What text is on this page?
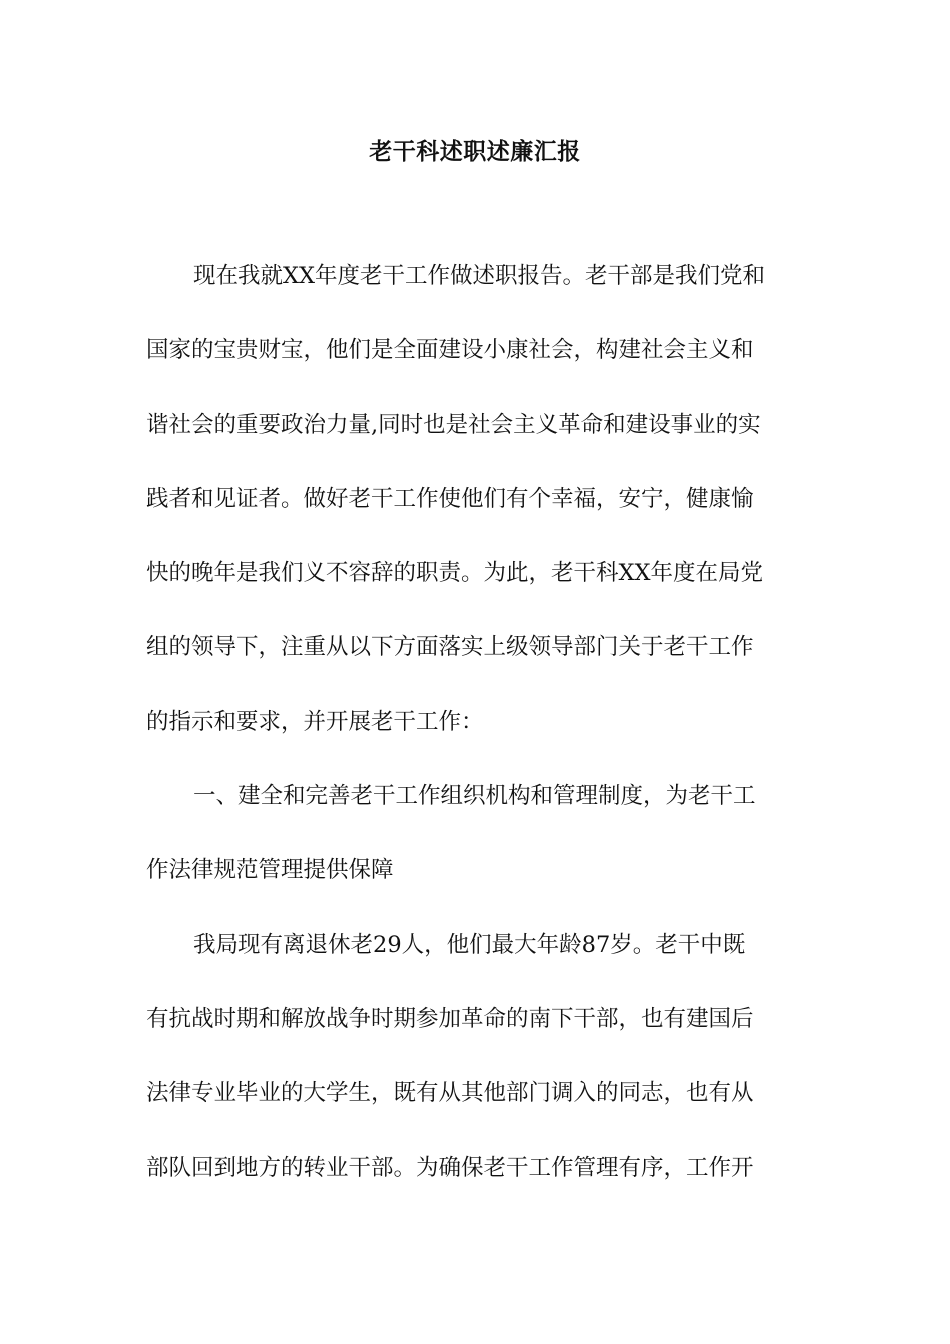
老干科述职述廉汇报
现在我就XX年度老干工作做述职报告。老干部是我们党和
国家的宝贵财宝，他们是全面建设小康社会，构建社会主义和
谐社会的重要政治力量,同时也是社会主义革命和建设事业的实
践者和见证者。做好老干工作使他们有个幸福，安宁，健康愉
快的晚年是我们义不容辞的职责。为此，老干科XX年度在局党
组的领导下，注重从以下方面落实上级领导部门关于老干工作
的指示和要求，并开展老干工作：
一、建全和完善老干工作组织机构和管理制度，为老干工
作法律规范管理提供保障
我局现有离退休老29人，他们最大年龄87岁。老干中既
有抗战时期和解放战争时期参加革命的南下干部，也有建国后
法律专业毕业的大学生，既有从其他部门调入的同志，也有从
部队回到地方的转业干部。为确保老干工作管理有序，工作开
